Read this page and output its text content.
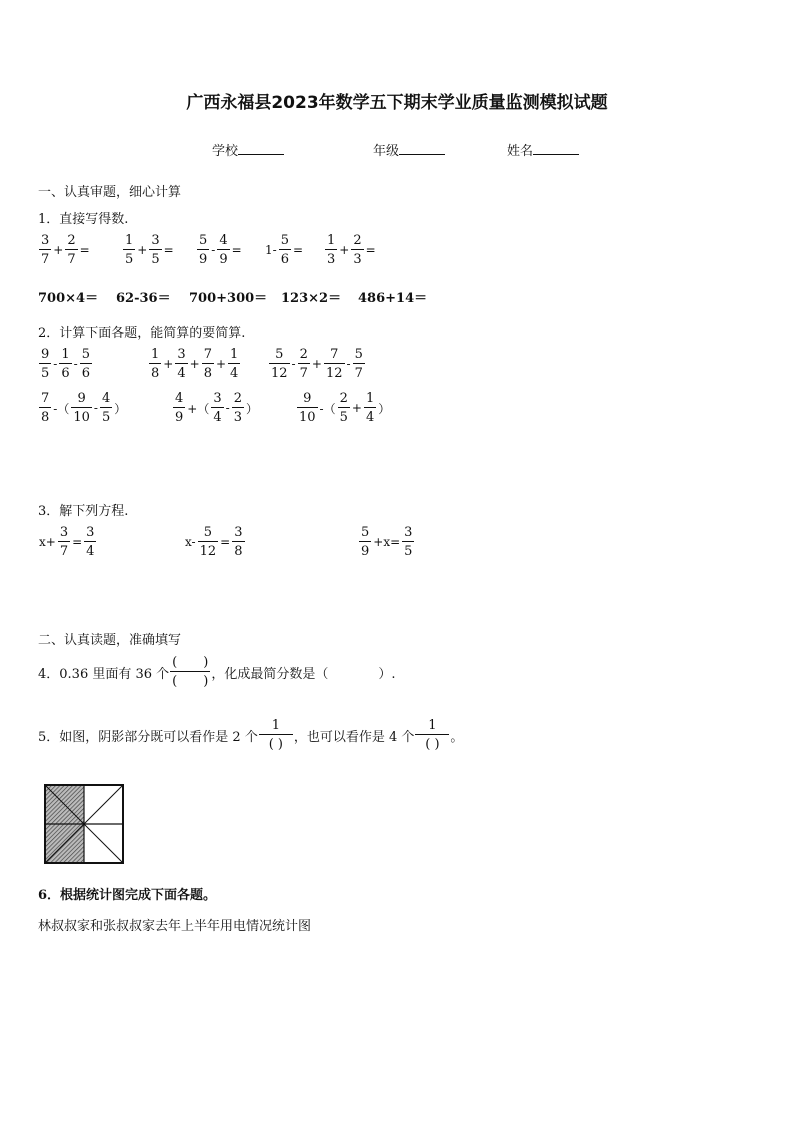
广西永福县2023年数学五下期末学业质量监测模拟试题
学校	年级	姓名
一、认真审题，细心计算
1．直接写得数.
$\frac{3}{7} + \frac{2}{7}$ =	$\frac{1}{5} + \frac{3}{5} = \frac{5}{9} - \frac{4}{9} = 1- \frac{5}{6} = \frac{1}{3} + \frac{2}{3}$ =
700×4＝ 62-36＝ 700+300＝ 123×2＝ 486+14＝
2．计算下面各题，能简算的要简算.
$\frac{9}{5} - \frac{1}{6} - \frac{5}{6}$	$\frac{1}{8} + \frac{3}{4} + \frac{7}{8} + \frac{1}{4} \frac{5}{12} - \frac{2}{7} + \frac{7}{12} - \frac{5}{7}$
$\frac{7}{8}$ -（ $\frac{9}{10} - \frac{4}{5}$ ）	$\frac{4}{9}$ +（ $\frac{3}{4} - \frac{2}{3}$ ）	$\frac{9}{10}$ -（ $\frac{2}{5} + \frac{1}{4}$ ）
3．解下列方程.
$x+ \frac{3}{7} = \frac{3}{4}$	$x- \frac{5}{12} = \frac{3}{8}$	$\frac{5}{9} +x= \frac{3}{5}$
二、认真读题，准确填写
4． 0.36 里面有 36 个 $\frac{( )}{( )}$ ，化成最简分数是（	）.
5． 如图，阴影部分既可以看作是 2 个 $\frac{1}{( )}$ ，也可以看作是 4 个 $\frac{1}{( )}$ 。
6．根据统计图完成下面各题。
林叔叔家和张叔叔家去年上半年用电情况统计图
